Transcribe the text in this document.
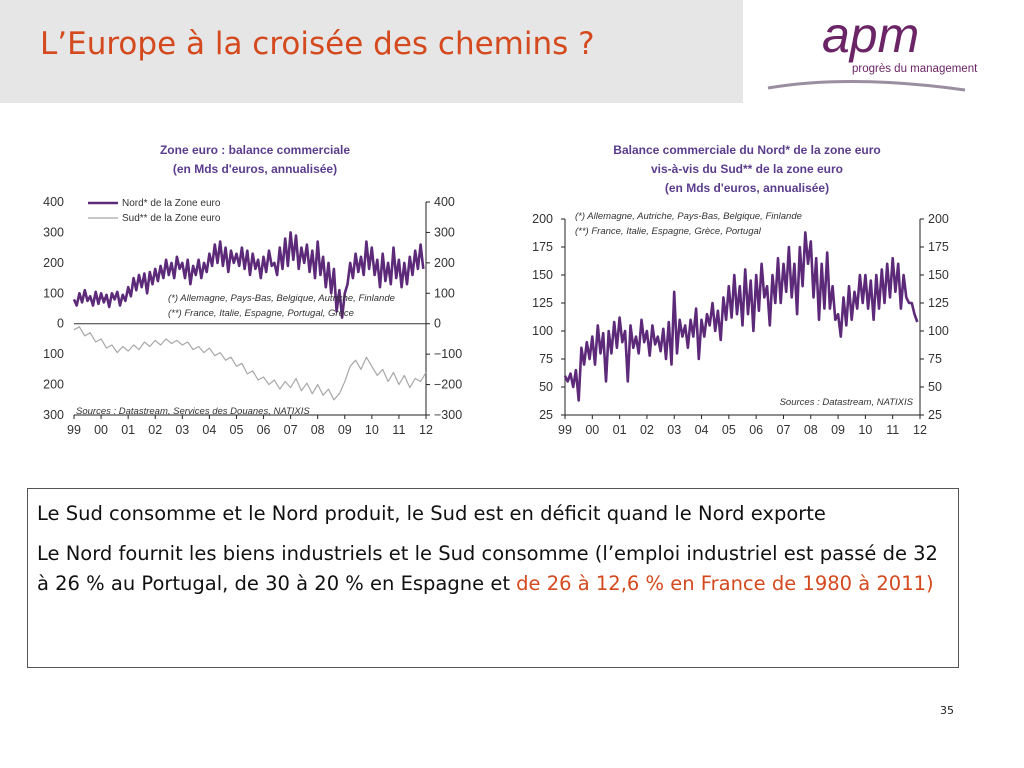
L’Europe à la croisée des chemins ?	apm
progrès du management
Zone euro : balance commerciale
(en Mds d'euros, annualisée)
400
400
300
300
200
200
100
100
0
0
−100
100
−200
200
−300
300
99 00 01 02 03 04 05 06 07 08 09 10 11 12
Nord* de la Zone euro
Sud** de la Zone euro
(*) Allemagne, Pays-Bas, Belgique, Autriche, Finlande
(**) France, Italie, Espagne, Portugal, Grèce
Sources : Datastream, Services des Douanes, NATIXIS
Balance commerciale du Nord* de la zone euro
vis-à-vis du Sud** de la zone euro
(en Mds d'euros, annualisée)
25
25
50
50
75
75
100
100
125
125
150
150
175
175
200
200
99 00 01 02 03 04 05 06 07 08 09 10 11 12
(*) Allemagne, Autriche, Pays-Bas, Belgique, Finlande
(**) France, Italie, Espagne, Grèce, Portugal
Sources : Datastream, NATIXIS

Le Sud consomme et le Nord produit, le Sud est en déficit quand le Nord exporte

Le Nord fournit les biens industriels et le Sud consomme (l’emploi industriel est passé de 32 à 26 % au Portugal, de 30 à 20 % en Espagne et de 26 à 12,6 % en France de 1980 à 2011)

35
